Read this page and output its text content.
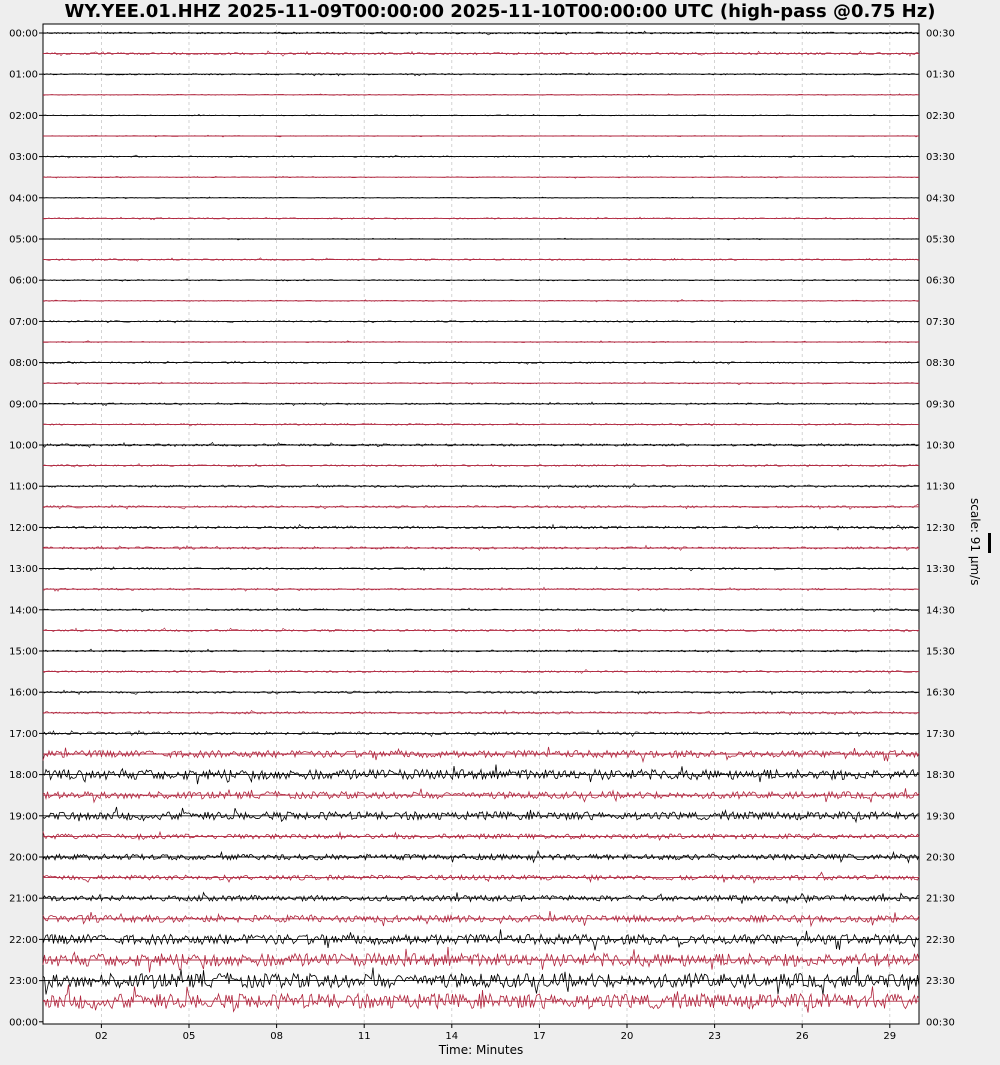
00:00
01:00
02:00
03:00
04:00
05:00
06:00
07:00
08:00
09:00
10:00
11:00
12:00
13:00
14:00
15:00
16:00
17:00
18:00
19:00
20:00
21:00
22:00
23:00
00:00
00:30
01:30
02:30
03:30
04:30
05:30
06:30
07:30
08:30
09:30
10:30
11:30
12:30
13:30
14:30
15:30
16:30
17:30
18:30
19:30
20:30
21:30
22:30
23:30
00:30
02	05	08	11	14	17	20	23	26	29
WY.YEE.01.HHZ 2025-11-09T00:00:00 2025-11-10T00:00:00 UTC (high-pass @0.75 Hz)
Time: Minutes
scale: 91 μm/s
